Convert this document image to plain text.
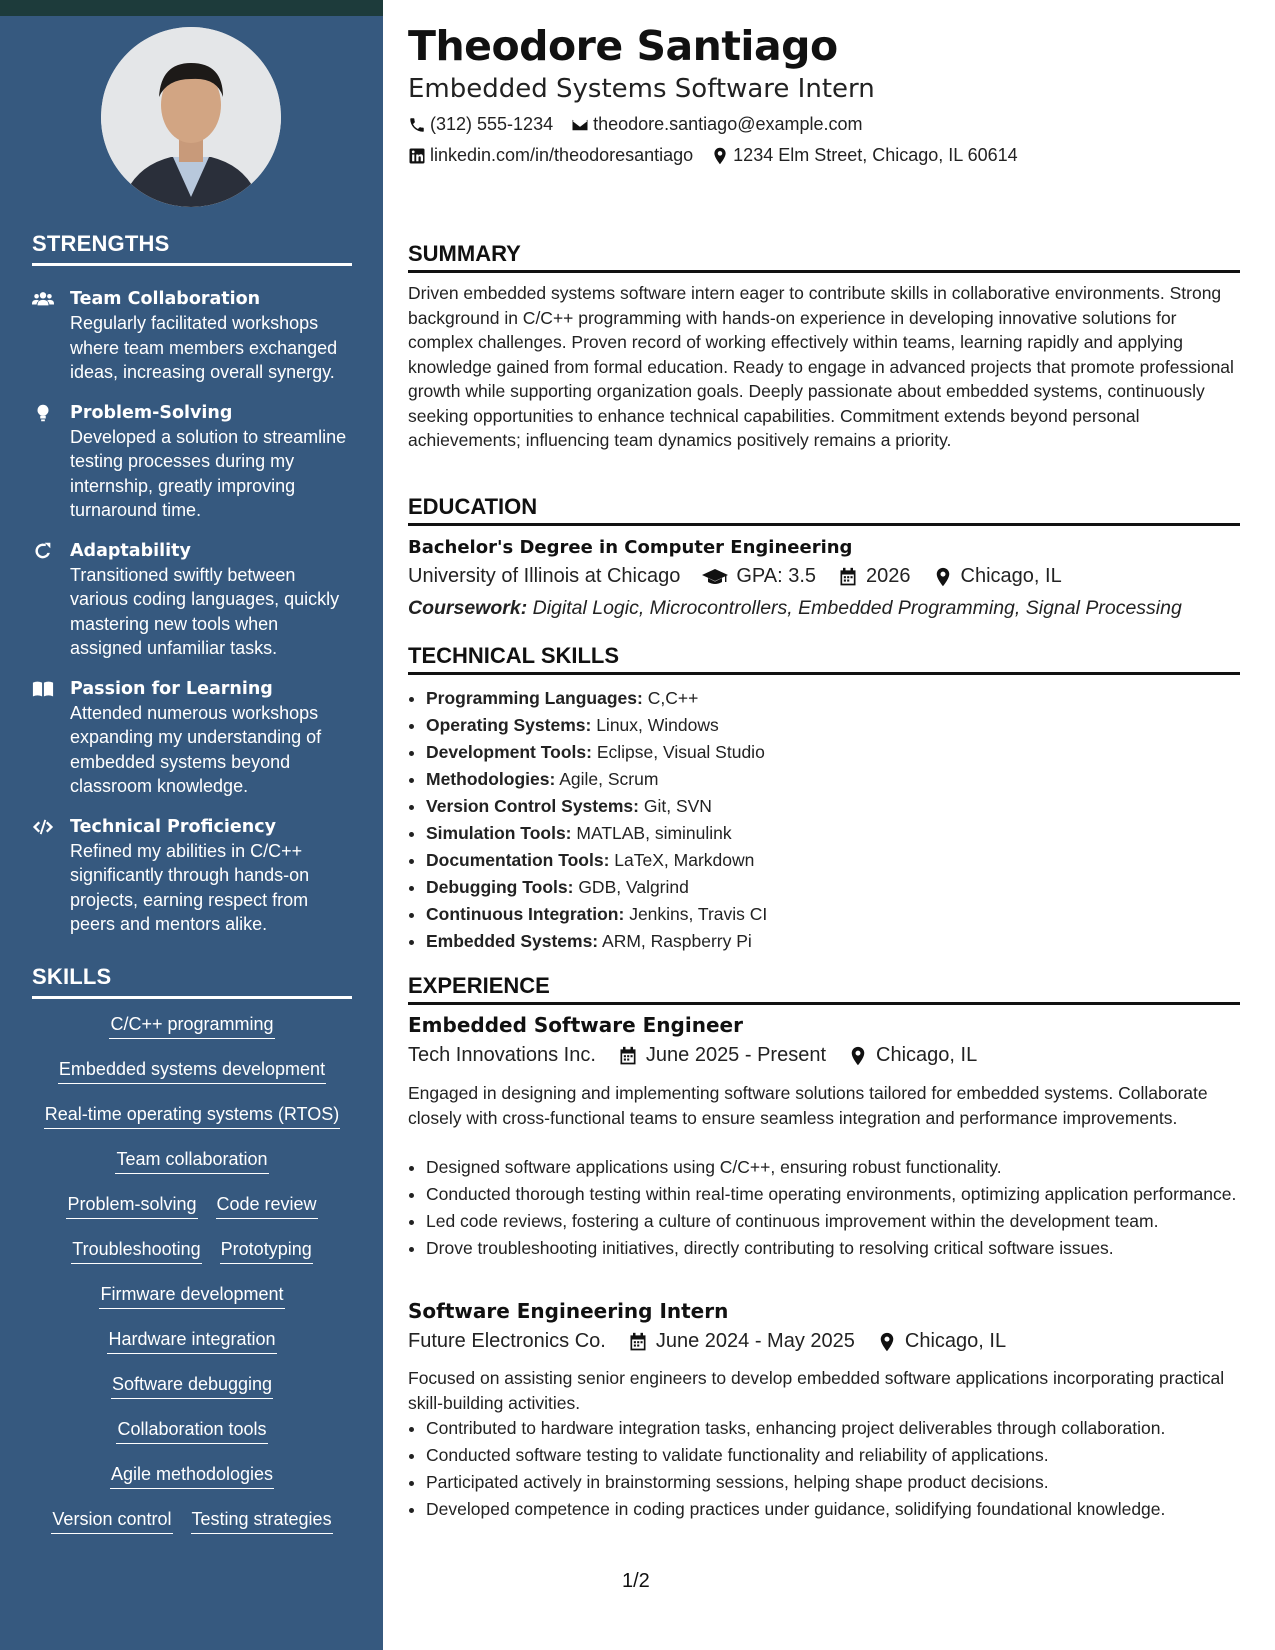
STRENGTHS
Team Collaboration
Regularly facilitated workshops where team members exchanged ideas, increasing overall synergy.
Problem-Solving
Developed a solution to streamline testing processes during my internship, greatly improving turnaround time.
Adaptability
Transitioned swiftly between various coding languages, quickly mastering new tools when assigned unfamiliar tasks.
Passion for Learning
Attended numerous workshops expanding my understanding of embedded systems beyond classroom knowledge.
Technical Proficiency
Refined my abilities in C/C++ significantly through hands-on projects, earning respect from peers and mentors alike.
SKILLS
C/C++ programming
Embedded systems development
Real-time operating systems (RTOS)
Team collaboration
Problem-solving Code review
Troubleshooting Prototyping
Firmware development
Hardware integration
Software debugging
Collaboration tools
Agile methodologies
Version control Testing strategies
Theodore Santiago
Embedded Systems Software Intern
(312) 555-1234 theodore.santiago@example.com
linkedin.com/in/theodoresantiago 1234 Elm Street, Chicago, IL 60614
SUMMARY
Driven embedded systems software intern eager to contribute skills in collaborative environments. Strong background in C/C++ programming with hands-on experience in developing innovative solutions for complex challenges. Proven record of working effectively within teams, learning rapidly and applying knowledge gained from formal education. Ready to engage in advanced projects that promote professional growth while supporting organization goals. Deeply passionate about embedded systems, continuously seeking opportunities to enhance technical capabilities. Commitment extends beyond personal achievements; influencing team dynamics positively remains a priority.
EDUCATION
Bachelor's Degree in Computer Engineering
University of Illinois at Chicago	GPA: 3.5	2026	Chicago, IL
Coursework: Digital Logic, Microcontrollers, Embedded Programming, Signal Processing
TECHNICAL SKILLS
• Programming Languages: C,C++
• Operating Systems: Linux, Windows
• Development Tools: Eclipse, Visual Studio
• Methodologies: Agile, Scrum
• Version Control Systems: Git, SVN
• Simulation Tools: MATLAB, siminulink
• Documentation Tools: LaTeX, Markdown
• Debugging Tools: GDB, Valgrind
• Continuous Integration: Jenkins, Travis CI
• Embedded Systems: ARM, Raspberry Pi
EXPERIENCE
Embedded Software Engineer
Tech Innovations Inc.	June 2025 - Present	Chicago, IL
Engaged in designing and implementing software solutions tailored for embedded systems. Collaborate closely with cross-functional teams to ensure seamless integration and performance improvements.
• Designed software applications using C/C++, ensuring robust functionality.
• Conducted thorough testing within real-time operating environments, optimizing application performance.
• Led code reviews, fostering a culture of continuous improvement within the development team.
• Drove troubleshooting initiatives, directly contributing to resolving critical software issues.
Software Engineering Intern
Future Electronics Co.	June 2024 - May 2025	Chicago, IL
Focused on assisting senior engineers to develop embedded software applications incorporating practical skill-building activities.
• Contributed to hardware integration tasks, enhancing project deliverables through collaboration.
• Conducted software testing to validate functionality and reliability of applications.
• Participated actively in brainstorming sessions, helping shape product decisions.
• Developed competence in coding practices under guidance, solidifying foundational knowledge.
1/2
